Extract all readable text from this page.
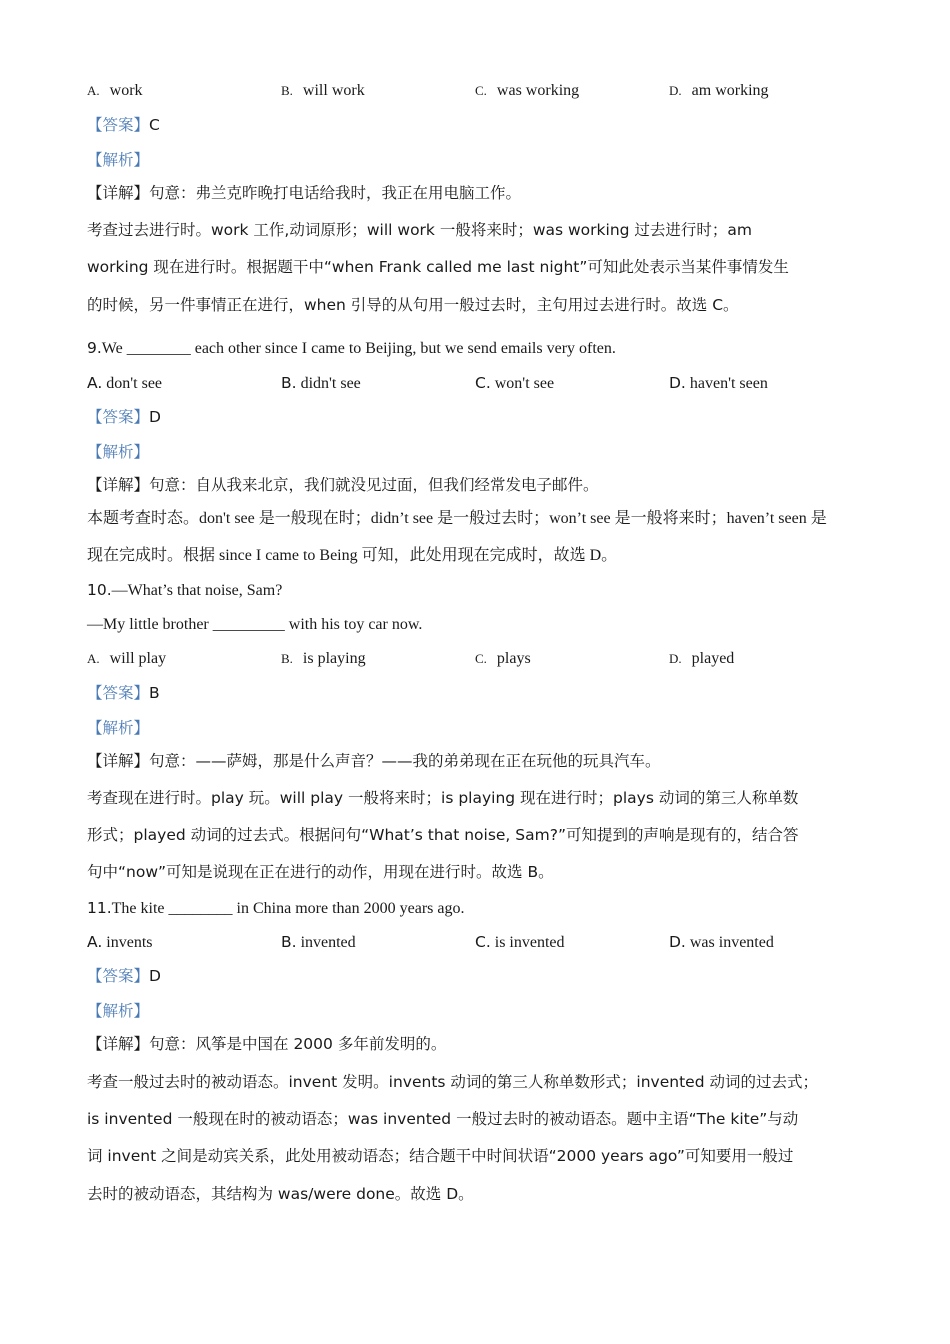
A. work	B. will work	C. was working	D. am working
【答案】C
【解析】
【详解】句意：弗兰克昨晚打电话给我时，我正在用电脑工作。
考查过去进行时。work 工作,动词原形；will work 一般将来时；was working 过去进行时；am
working 现在进行时。根据题干中“when Frank called me last night”可知此处表示当某件事情发生
的时候，另一件事情正在进行，when 引导的从句用一般过去时，主句用过去进行时。故选 C。
9.We ________ each other since I came to Beijing, but we send emails very often.
A. don't see	B. didn't see	C. won't see	D. haven't seen
【答案】D
【解析】
【详解】句意：自从我来北京，我们就没见过面，但我们经常发电子邮件。
本题考查时态。don't see 是一般现在时；didn’t see 是一般过去时；won’t see 是一般将来时；haven’t seen 是
现在完成时。根据 since I came to Being 可知，此处用现在完成时，故选 D。
10.—What’s that noise, Sam?
—My little brother _________ with his toy car now.
A. will play	B. is playing	C. plays	D. played
【答案】B
【解析】
【详解】句意：——萨姆，那是什么声音？——我的弟弟现在正在玩他的玩具汽车。
考查现在进行时。play 玩。will play 一般将来时；is playing 现在进行时；plays 动词的第三人称单数
形式；played 动词的过去式。根据问句“What’s that noise, Sam?”可知提到的声响是现有的，结合答
句中“now”可知是说现在正在进行的动作，用现在进行时。故选 B。
11.The kite ________ in China more than 2000 years ago.
A. invents	B. invented	C. is invented	D. was invented
【答案】D
【解析】
【详解】句意：风筝是中国在 2000 多年前发明的。
考查一般过去时的被动语态。invent 发明。invents 动词的第三人称单数形式；invented 动词的过去式；
is invented 一般现在时的被动语态；was invented 一般过去时的被动语态。题中主语“The kite”与动
词 invent 之间是动宾关系，此处用被动语态；结合题干中时间状语“2000 years ago”可知要用一般过
去时的被动语态，其结构为 was/were done。故选 D。
